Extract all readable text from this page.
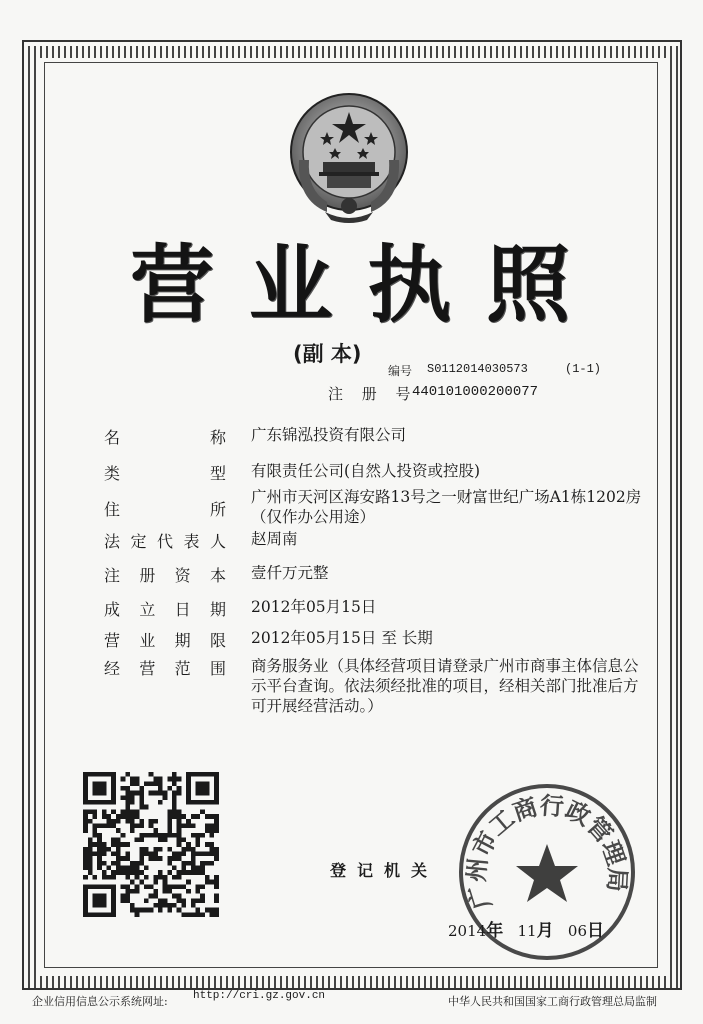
营 业 执 照
(副 本)
编号 S0112014030573	(1-1)
注 册 号
440101000200077
名	称 广东锦泓投资有限公司
类	型 有限责任公司(自然人投资或控股)
住	所
广州市天河区海安路13号之一财富世纪广场A1栋1202房（仅作办公用途）
法 定 代 表 人 赵周南
注 册 资 本 壹仟万元整
成 立 日 期 2012年05月15日
营 业 期 限 2012年05月15日 至 长期
经 营 范 围 商务服务业（具体经营项目请登录广州市商事主体信息公示平台查询。依法须经批准的项目，经相关部门批准后方可开展经营活动。）
登记机关
广州市工商行政管理局
2014年 11月 06日
企业信用信息公示系统网址: http://cri.gz.gov.cn	中华人民共和国国家工商行政管理总局监制
